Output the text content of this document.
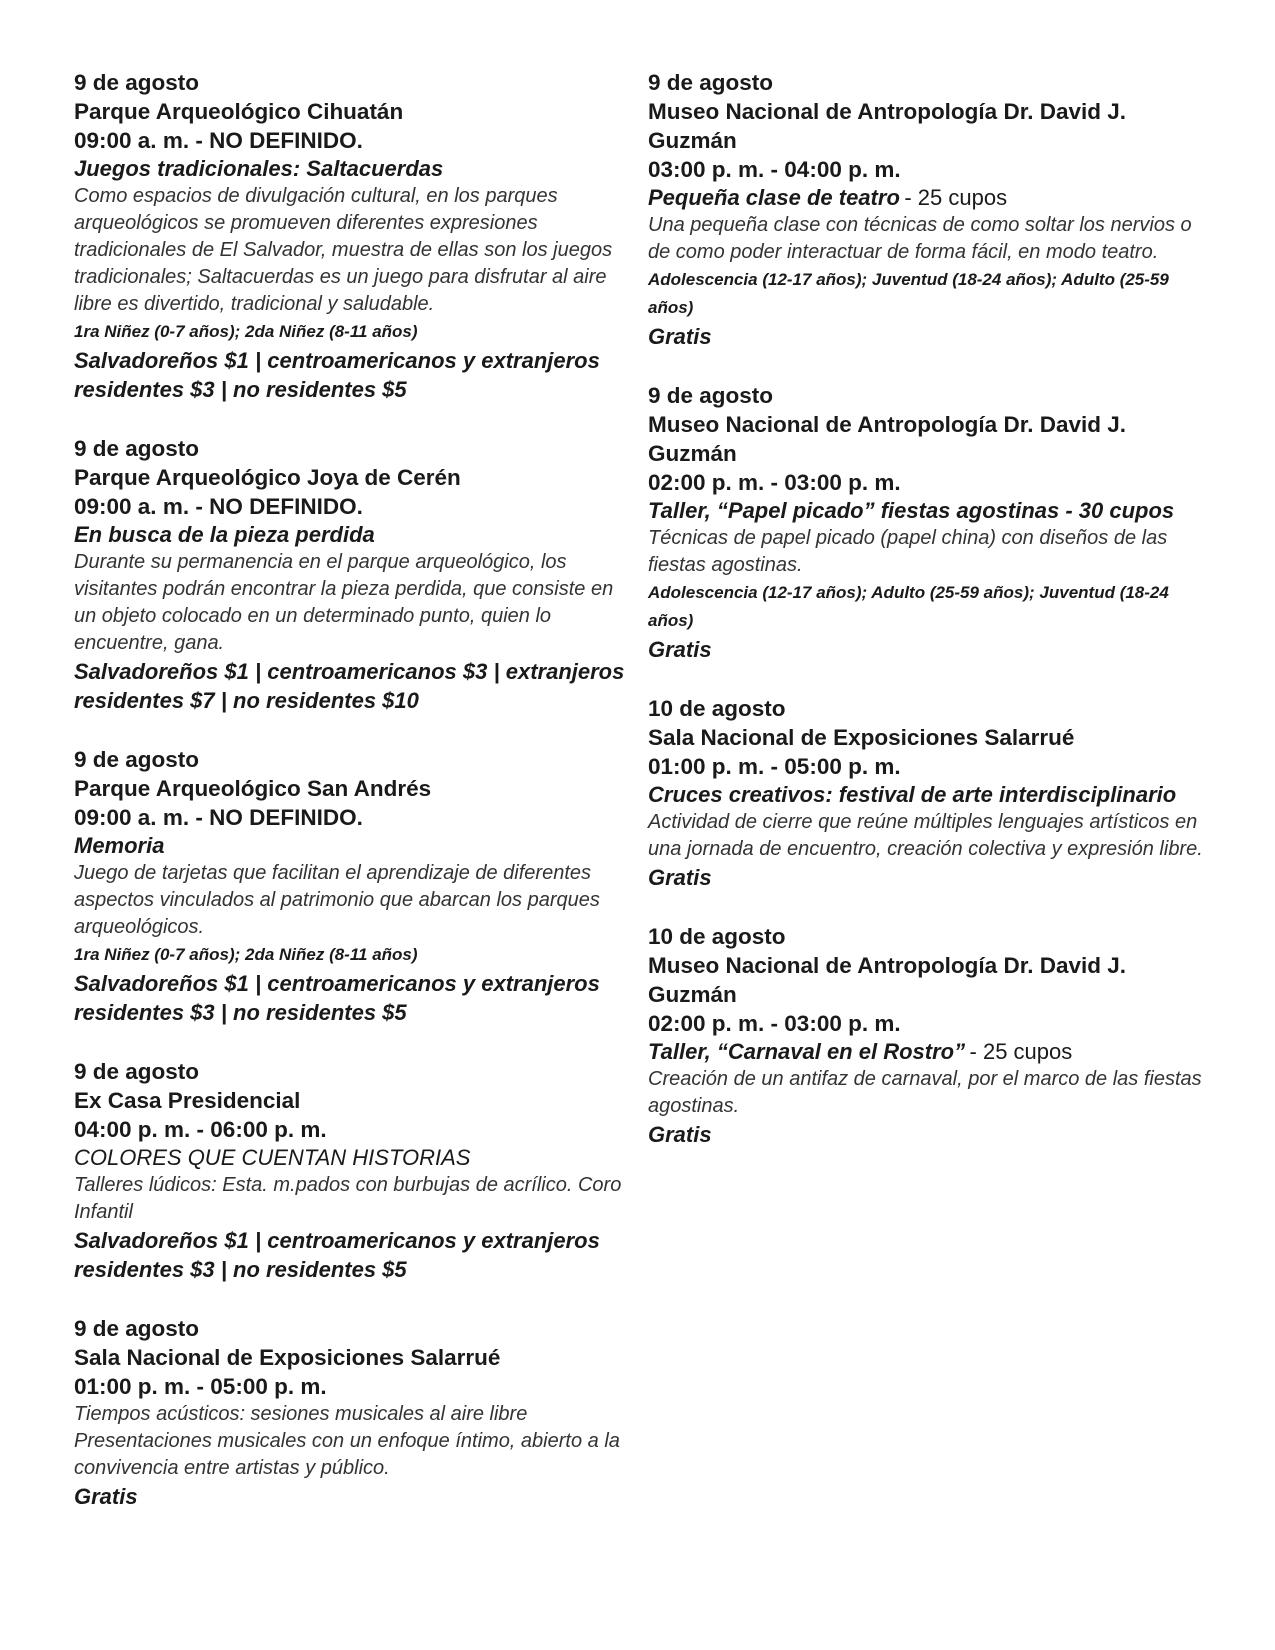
9 de agosto
Parque Arqueológico Cihuatán
09:00 a. m. - NO DEFINIDO.
Juegos tradicionales: Saltacuerdas
Como espacios de divulgación cultural, en los parques arqueológicos se promueven diferentes expresiones tradicionales de El Salvador, muestra de ellas son los juegos tradicionales; Saltacuerdas es un juego para disfrutar al aire libre es divertido, tradicional y saludable.
1ra Niñez (0-7 años); 2da Niñez (8-11 años)
Salvadoreños $1 | centroamericanos y extranjeros residentes $3 | no residentes $5
9 de agosto
Parque Arqueológico Joya de Cerén
09:00 a. m. - NO DEFINIDO.
En busca de la pieza perdida
Durante su permanencia en el parque arqueológico, los visitantes podrán encontrar la pieza perdida, que consiste en un objeto colocado en un determinado punto, quien lo encuentre, gana.
Salvadoreños $1 | centroamericanos $3 | extranjeros residentes $7 | no residentes $10
9 de agosto
Parque Arqueológico San Andrés
09:00 a. m. - NO DEFINIDO.
Memoria
Juego de tarjetas que facilitan el aprendizaje de diferentes aspectos vinculados al patrimonio que abarcan los parques arqueológicos.
1ra Niñez (0-7 años); 2da Niñez (8-11 años)
Salvadoreños $1 | centroamericanos y extranjeros residentes $3 | no residentes $5
9 de agosto
Ex Casa Presidencial
04:00 p. m. - 06:00 p. m.
COLORES QUE CUENTAN HISTORIAS
Talleres lúdicos: Esta. m.pados con burbujas de acrílico. Coro Infantil
Salvadoreños $1 | centroamericanos y extranjeros residentes $3 | no residentes $5
9 de agosto
Sala Nacional de Exposiciones Salarrué
01:00 p. m. - 05:00 p. m.
Tiempos acústicos: sesiones musicales al aire libre Presentaciones musicales con un enfoque íntimo, abierto a la convivencia entre artistas y público.
Gratis
9 de agosto
Museo Nacional de Antropología Dr. David J. Guzmán
03:00 p. m. - 04:00 p. m.
Pequeña clase de teatro - 25 cupos
Una pequeña clase con técnicas de como soltar los nervios o de como poder interactuar de forma fácil, en modo teatro.
Adolescencia (12-17 años); Juventud (18-24 años); Adulto (25-59 años)
Gratis
9 de agosto
Museo Nacional de Antropología Dr. David J. Guzmán
02:00 p. m. - 03:00 p. m.
Taller, “Papel picado” fiestas agostinas - 30 cupos
Técnicas de papel picado (papel china) con diseños de las fiestas agostinas.
Adolescencia (12-17 años); Adulto (25-59 años); Juventud (18-24 años)
Gratis
10 de agosto
Sala Nacional de Exposiciones Salarrué
01:00 p. m. - 05:00 p. m.
Cruces creativos: festival de arte interdisciplinario
Actividad de cierre que reúne múltiples lenguajes artísticos en una jornada de encuentro, creación colectiva y expresión libre.
Gratis
10 de agosto
Museo Nacional de Antropología Dr. David J. Guzmán
02:00 p. m. - 03:00 p. m.
Taller, “Carnaval en el Rostro” - 25 cupos
Creación de un antifaz de carnaval, por el marco de las fiestas agostinas.
Gratis
